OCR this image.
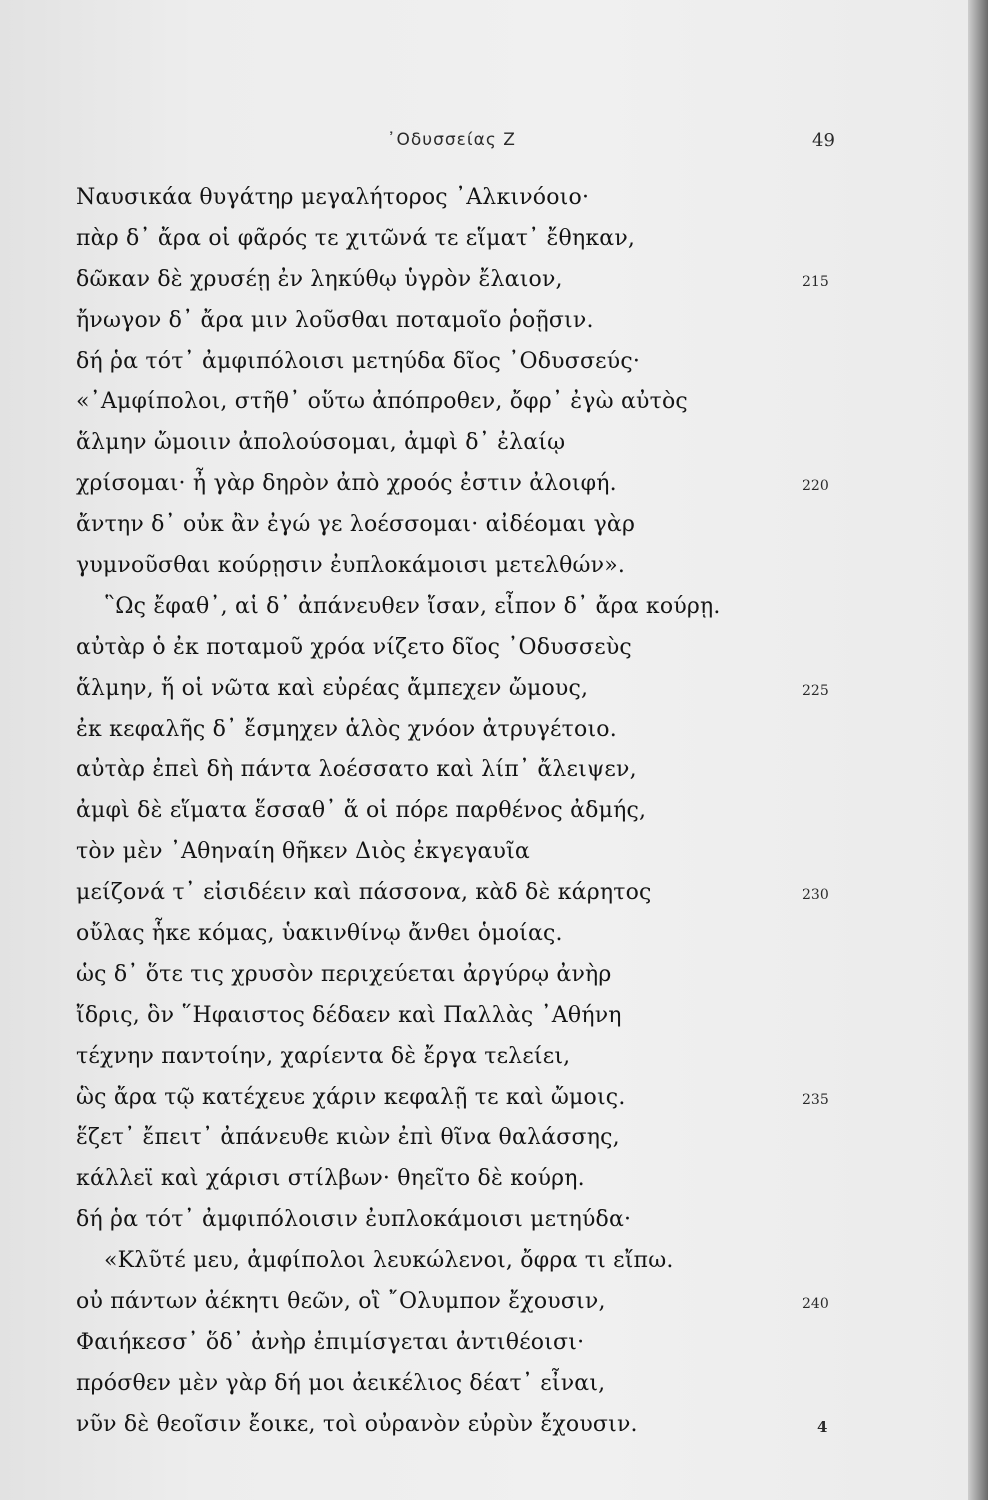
᾽Οδυσσείας Ζ	49
Ναυσικάα θυγάτηρ μεγαλήτορος ᾽Αλκινόοιο·
πὰρ δ᾽ ἄρα οἱ φᾶρός τε χιτῶνά τε εἵματ᾽ ἔθηκαν,
δῶκαν δὲ χρυσέῃ ἐν ληκύθῳ ὑγρὸν ἔλαιον,	215
ἤνωγον δ᾽ ἄρα μιν λοῦσθαι ποταμοῖο ῥοῇσιν.
δή ῥα τότ᾽ ἀμφιπόλοισι μετηύδα δῖος ᾽Οδυσσεύς·
«᾽Αμφίπολοι, στῆθ᾽ οὕτω ἀπόπροθεν, ὄφρ᾽ ἐγὼ αὐτὸς
ἅλμην ὤμοιιν ἀπολούσομαι, ἀμφὶ δ᾽ ἐλαίῳ
χρίσομαι· ἦ γὰρ δηρὸν ἀπὸ χροός ἐστιν ἀλοιφή.	220
ἄντην δ᾽ οὐκ ἂν ἐγώ γε λοέσσομαι· αἰδέομαι γὰρ
γυμνοῦσθαι κούρῃσιν ἐυπλοκάμοισι μετελθών».
῝Ως ἔφαθ᾽, αἱ δ᾽ ἀπάνευθεν ἴσαν, εἶπον δ᾽ ἄρα κούρῃ.
αὐτὰρ ὁ ἐκ ποταμοῦ χρόα νίζετο δῖος ᾽Οδυσσεὺς
ἅλμην, ἥ οἱ νῶτα καὶ εὐρέας ἄμπεχεν ὤμους,	225
ἐκ κεφαλῆς δ᾽ ἔσμηχεν ἁλὸς χνόον ἀτρυγέτοιο.
αὐτὰρ ἐπεὶ δὴ πάντα λοέσσατο καὶ λίπ᾽ ἄλειψεν,
ἀμφὶ δὲ εἵματα ἕσσαθ᾽ ἅ οἱ πόρε παρθένος ἀδμής,
τὸν μὲν ᾽Αθηναίη θῆκεν Διὸς ἐκγεγαυῖα
μείζονά τ᾽ εἰσιδέειν καὶ πάσσονα, κὰδ δὲ κάρητος	230
οὔλας ἧκε κόμας, ὑακινθίνῳ ἄνθει ὁμοίας.
ὡς δ᾽ ὅτε τις χρυσὸν περιχεύεται ἀργύρῳ ἀνὴρ
ἴδρις, ὃν ῞Ηφαιστος δέδαεν καὶ Παλλὰς ᾽Αθήνη
τέχνην παντοίην, χαρίεντα δὲ ἔργα τελείει,
ὣς ἄρα τῷ κατέχευε χάριν κεφαλῇ τε καὶ ὤμοις.	235
ἕζετ᾽ ἔπειτ᾽ ἀπάνευθε κιὼν ἐπὶ θῖνα θαλάσσης,
κάλλεϊ καὶ χάρισι στίλβων· θηεῖτο δὲ κούρη.
δή ῥα τότ᾽ ἀμφιπόλοισιν ἐυπλοκάμοισι μετηύδα·
«Κλῦτέ μευ, ἀμφίπολοι λευκώλενοι, ὄφρα τι εἴπω.
οὐ πάντων ἀέκητι θεῶν, οἳ ῎Ολυμπον ἔχουσιν,	240
Φαιήκεσσ᾽ ὅδ᾽ ἀνὴρ ἐπιμίσγεται ἀντιθέοισι·
πρόσθεν μὲν γὰρ δή μοι ἀεικέλιος δέατ᾽ εἶναι,
νῦν δὲ θεοῖσιν ἔοικε, τοὶ οὐρανὸν εὐρὺν ἔχουσιν.	4
